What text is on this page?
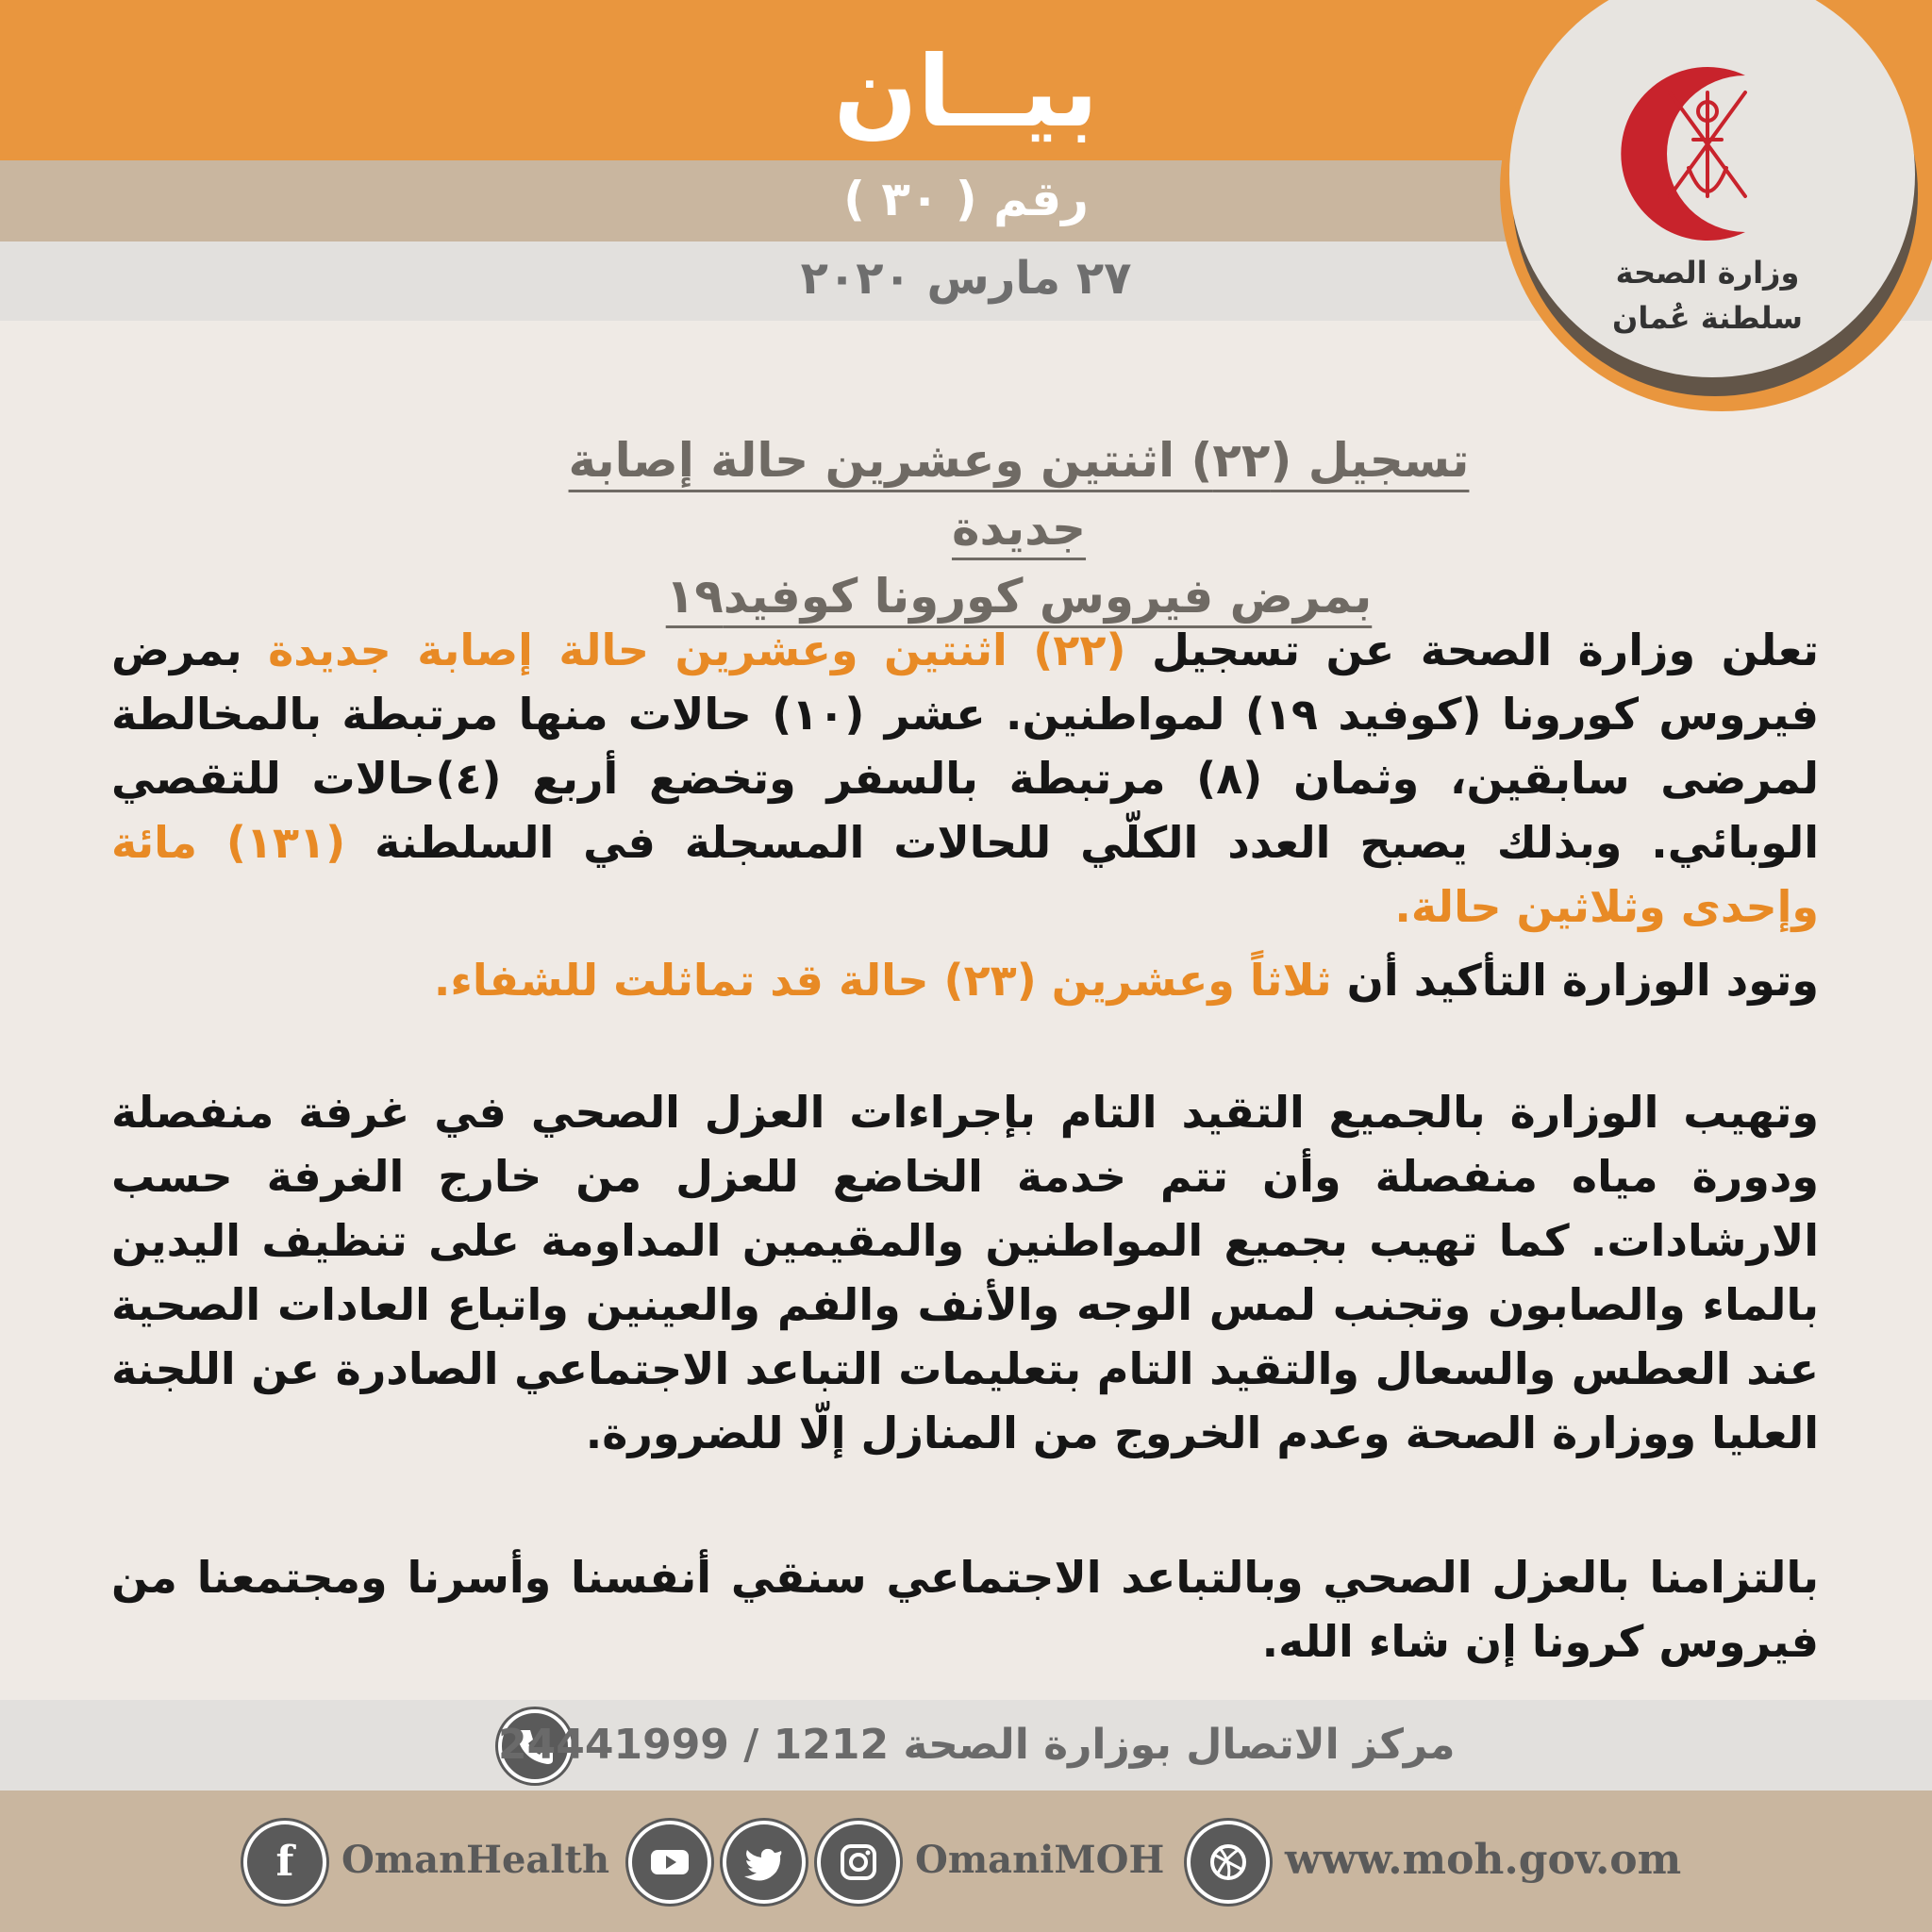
بيــان
رقم ( ٣٠ )
٢٧ مارس ٢٠٢٠	وزارة الصحة
سلطنة عُمان
تسجيل (٢٢) اثنتين وعشرين حالة إصابة جديدة
بمرض فيروس كورونا كوفيد١٩
تعلن وزارة الصحة عن تسجيل (٢٢) اثنتين وعشرين حالة إصابة جديدة بمرض فيروس كورونا (كوفيد ١٩) لمواطنين. عشر (١٠) حالات منها مرتبطة بالمخالطة لمرضى سابقين، وثمان (٨) مرتبطة بالسفر وتخضع أربع (٤)حالات للتقصي الوبائي. وبذلك يصبح العدد الكلّي للحالات المسجلة في السلطنة (١٣١) مائة وإحدى وثلاثين حالة.
وتود الوزارة التأكيد أن ثلاثاً وعشرين (٢٣) حالة قد تماثلت للشفاء.
وتهيب الوزارة بالجميع التقيد التام بإجراءات العزل الصحي في غرفة منفصلة ودورة مياه منفصلة وأن تتم خدمة الخاضع للعزل من خارج الغرفة حسب الارشادات. كما تهيب بجميع المواطنين والمقيمين المداومة على تنظيف اليدين بالماء والصابون وتجنب لمس الوجه والأنف والفم والعينين واتباع العادات الصحية عند العطس والسعال والتقيد التام بتعليمات التباعد الاجتماعي الصادرة عن اللجنة العليا ووزارة الصحة وعدم الخروج من المنازل إلّا للضرورة.
بالتزامنا بالعزل الصحي وبالتباعد الاجتماعي سنقي أنفسنا وأسرنا ومجتمعنا من فيروس كرونا إن شاء الله.
مركز الاتصال بوزارة الصحة 24441999 / 1212
f	OmanHealth	OmaniMOH	www.moh.gov.om
